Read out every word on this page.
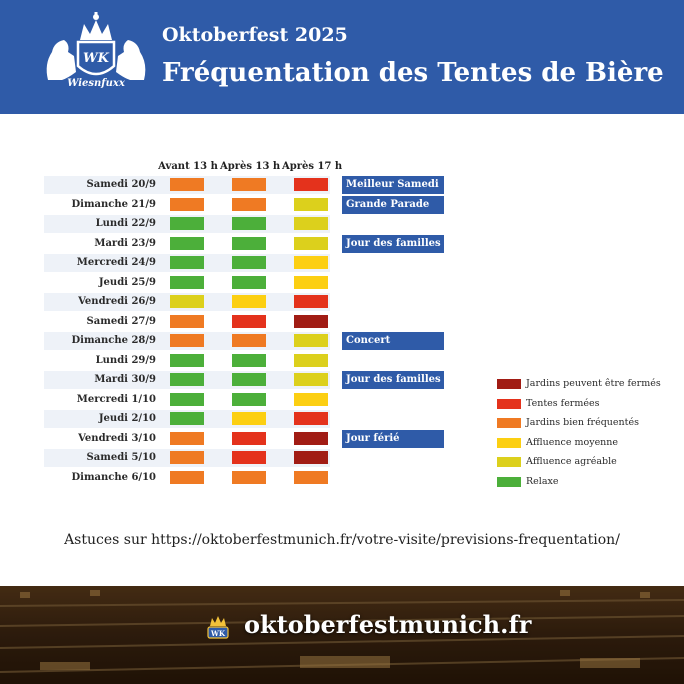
Wiesnfuxx
WK
Oktoberfest 2025
Fréquentation des Tentes de Bière
Avant 13 h Après 13 h Après 17 h
Samedi 20/9	Meilleur Samedi
Dimanche 21/9	Grande Parade
Lundi 22/9
Mardi 23/9	Jour des familles
Mercredi 24/9
Jeudi 25/9
Vendredi 26/9
Samedi 27/9
Dimanche 28/9	Concert
Lundi 29/9
Mardi 30/9	Jour des familles
Mercredi 1/10
Jeudi 2/10
Vendredi 3/10	Jour férié
Samedi 5/10
Dimanche 6/10
Jardins peuvent être fermés
Tentes fermées
Jardins bien fréquentés
Affluence moyenne
Affluence agréable
Relaxe
Astuces sur https://oktoberfestmunich.fr/votre-visite/previsions-frequentation/
WK oktoberfestmunich.fr
